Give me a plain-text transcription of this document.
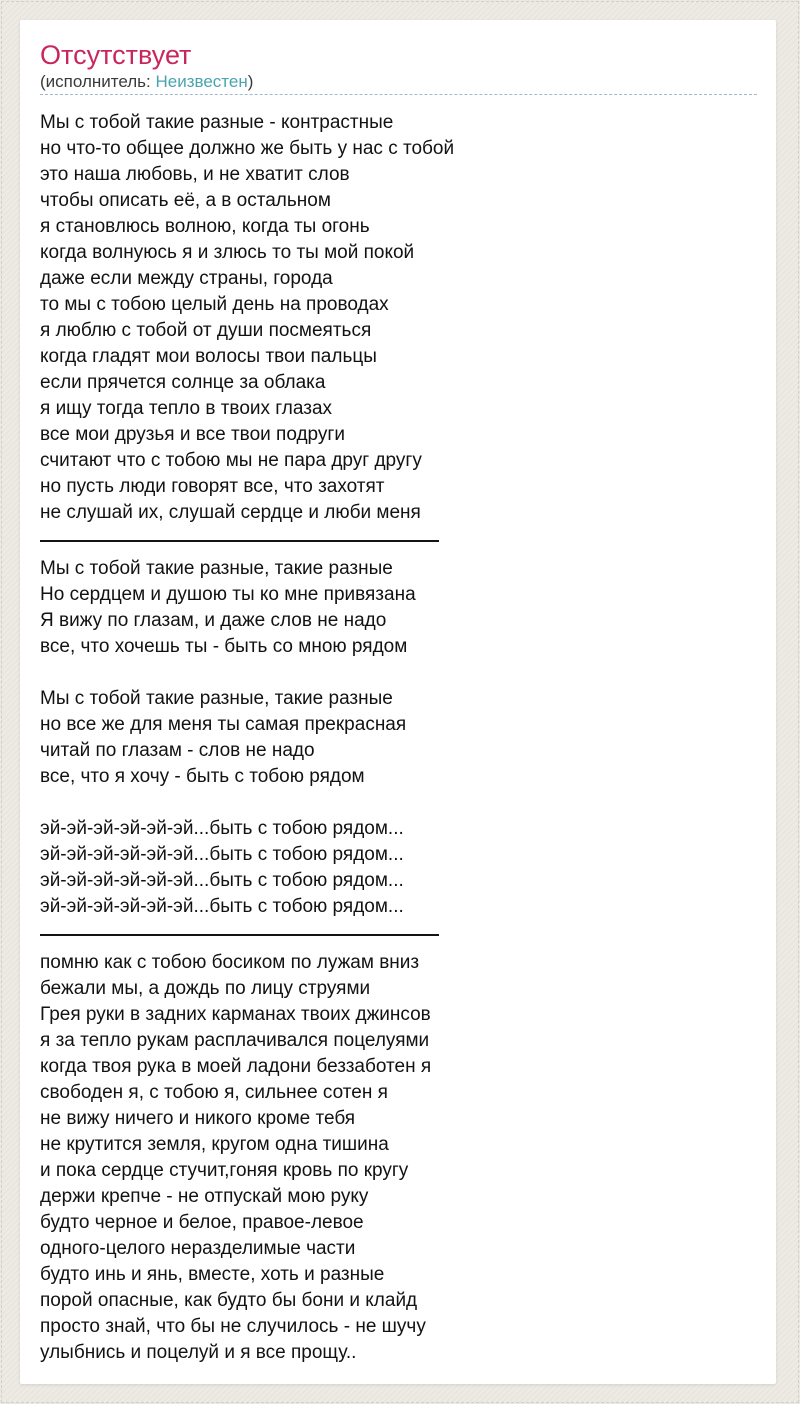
Отсутствует
(исполнитель: Неизвестен)

Мы с тобой такие разные - контрастные
но что-то общее должно же быть у нас с тобой
это наша любовь, и не хватит слов
чтобы описать её, а в остальном
я становлюсь волною, когда ты огонь
когда волнуюсь я и злюсь то ты мой покой
даже если между страны, города
то мы с тобою целый день на проводах
я люблю с тобой от души посмеяться
когда гладят мои волосы твои пальцы
если прячется солнце за облака
я ищу тогда тепло в твоих глазах
все мои друзья и все твои подруги
считают что с тобою мы не пара друг другу
но пусть люди говорят все, что захотят
не слушай их, слушай сердце и люби меня

Мы с тобой такие разные, такие разные
Но сердцем и душою ты ко мне привязана
Я вижу по глазам, и даже слов не надо
все, что хочешь ты - быть со мною рядом

Мы с тобой такие разные, такие разные
но все же для меня ты самая прекрасная
читай по глазам - слов не надо
все, что я хочу - быть с тобою рядом

эй-эй-эй-эй-эй-эй...быть с тобою рядом...
эй-эй-эй-эй-эй-эй...быть с тобою рядом...
эй-эй-эй-эй-эй-эй...быть с тобою рядом...
эй-эй-эй-эй-эй-эй...быть с тобою рядом...

помню как с тобою босиком по лужам вниз
бежали мы, а дождь по лицу струями
Грея руки в задних карманах твоих джинсов
я за тепло рукам расплачивался поцелуями
когда твоя рука в моей ладони беззаботен я
свободен я, с тобою я, сильнее сотен я
не вижу ничего и никого кроме тебя
не крутится земля, кругом одна тишина
и пока сердце стучит,гоняя кровь по кругу
держи крепче - не отпускай мою руку
будто черное и белое, правое-левое
одного-целого неразделимые части
будто инь и янь, вместе, хоть и разные
порой опасные, как будто бы бони и клайд
просто знай, что бы не случилось - не шучу
улыбнись и поцелуй и я все прощу..
